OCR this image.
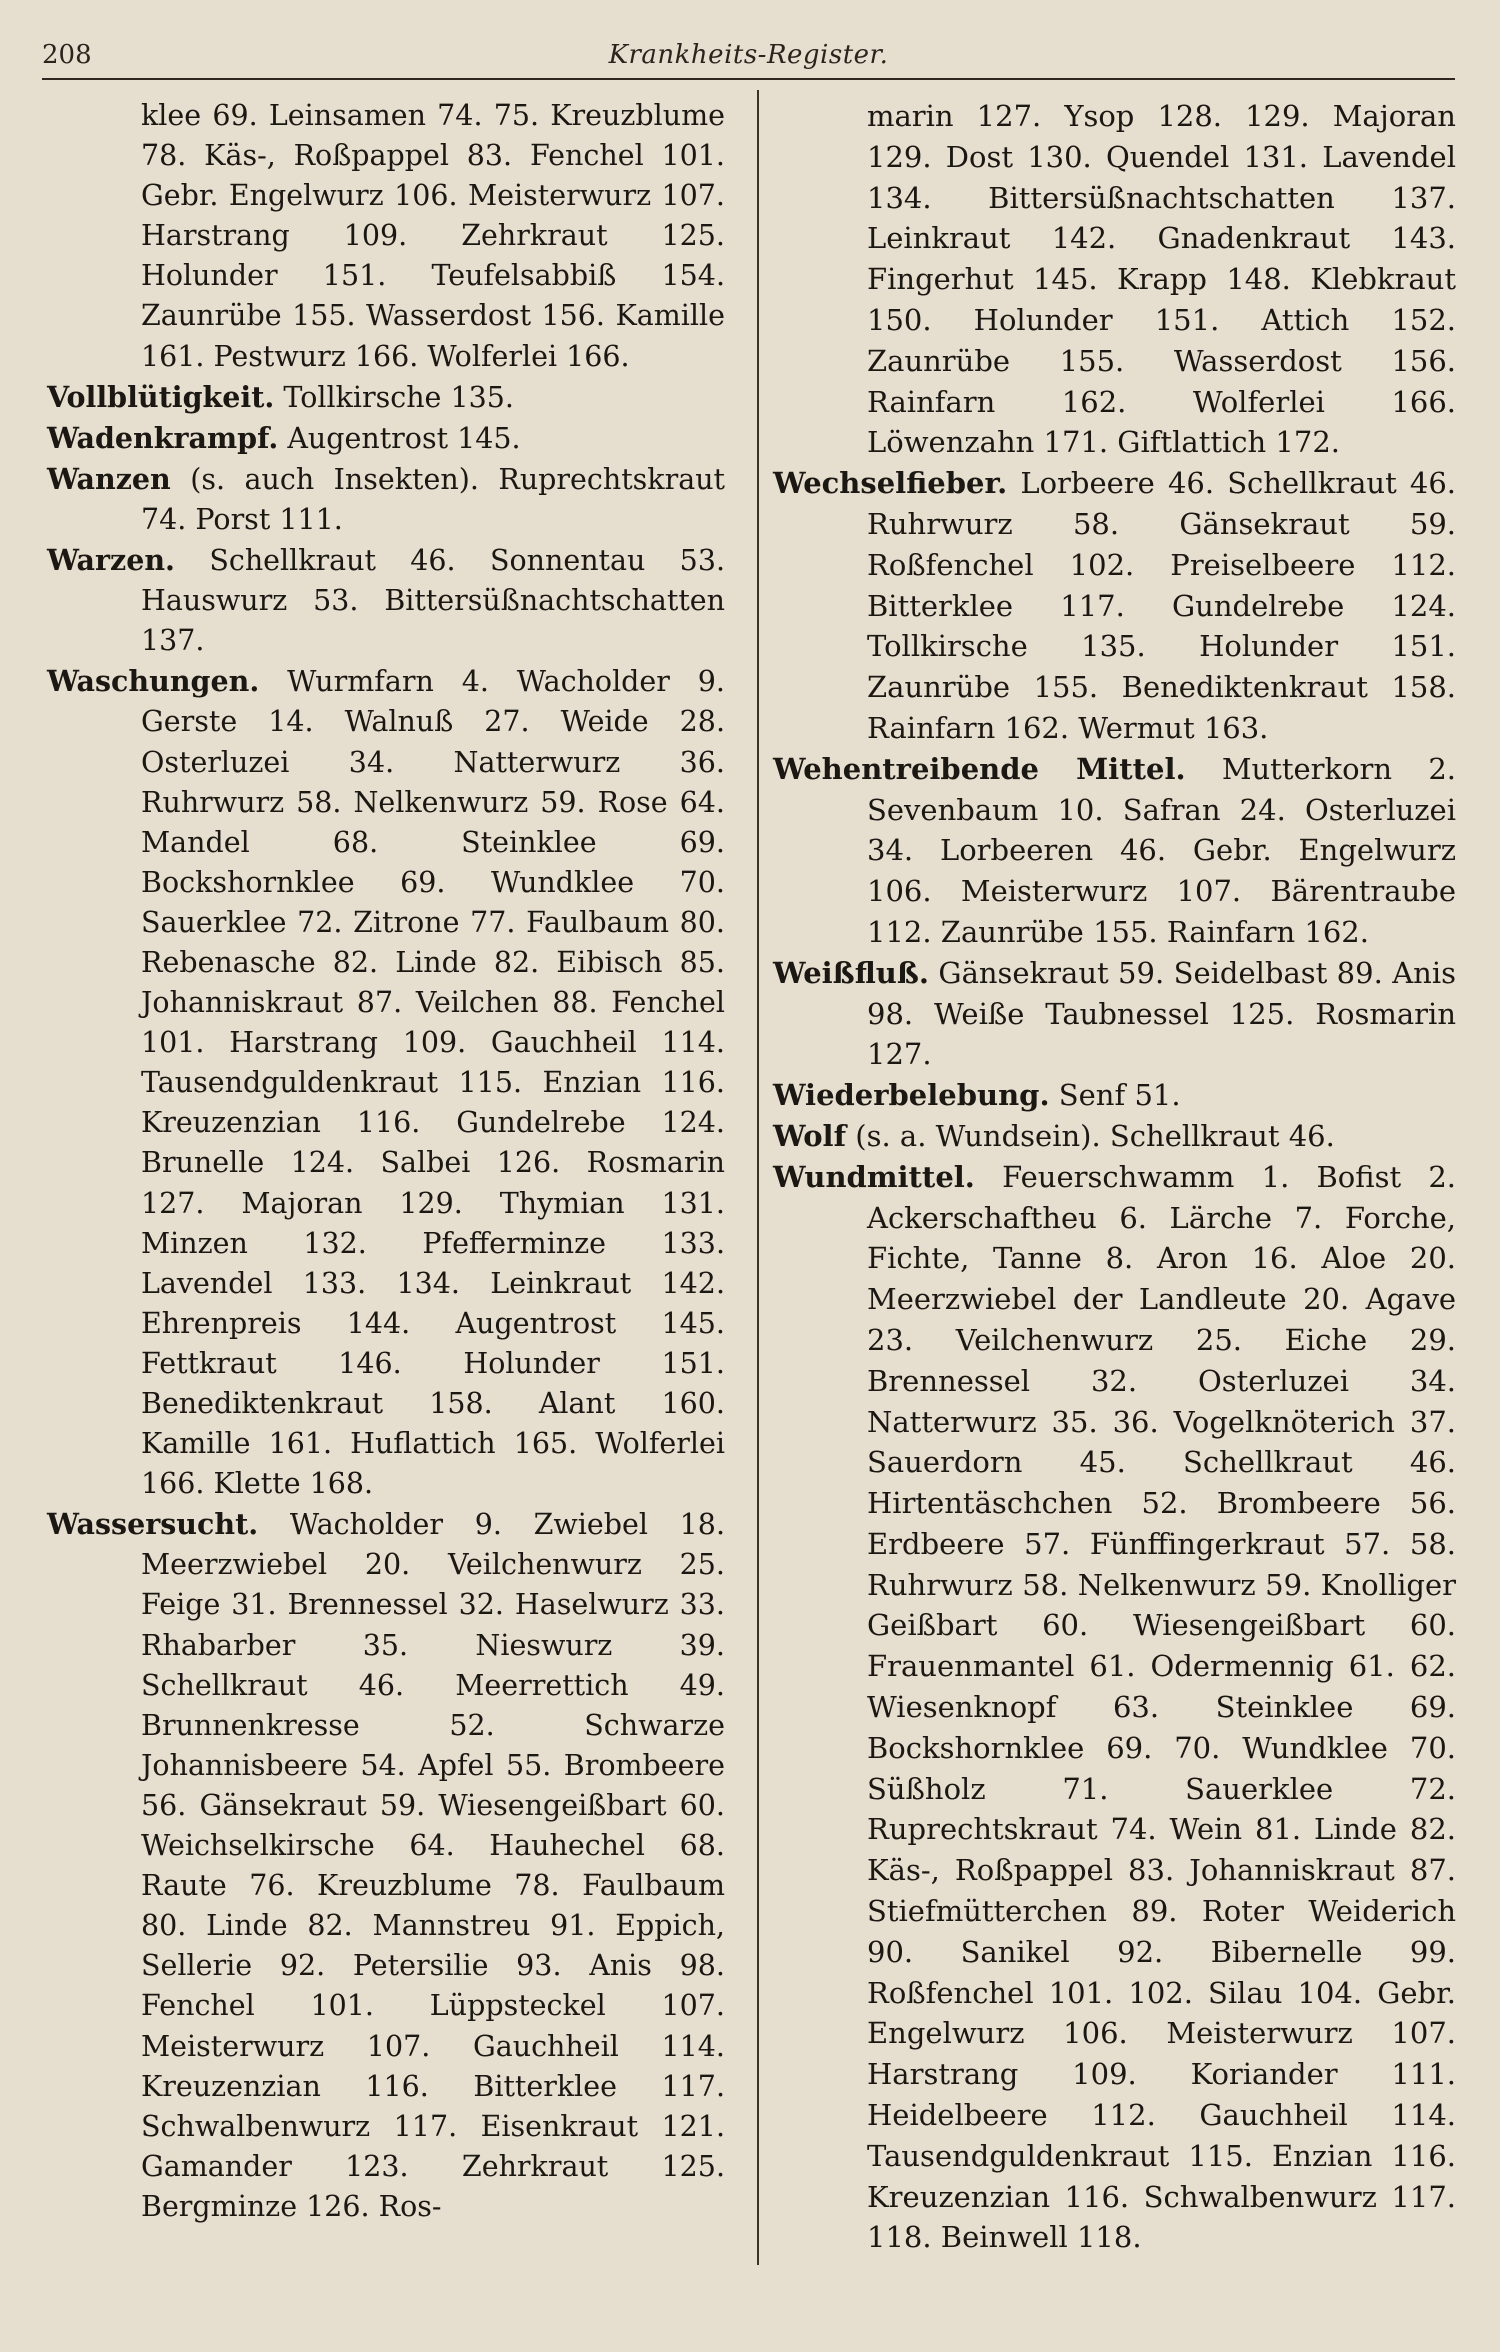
208	Krankheits-Register.

klee 69. Leinsamen 74. 75. Kreuzblume 78. Käs-, Roßpappel 83. Fenchel 101. Gebr. Engelwurz 106. Meisterwurz 107. Harstrang 109. Zehrkraut 125. Holunder 151. Teufelsabbiß 154. Zaunrübe 155. Wasserdost 156. Kamille 161. Pestwurz 166. Wolferlei 166.

Vollblütigkeit. Tollkirsche 135.

Wadenkrampf. Augentrost 145.

Wanzen (s. auch Insekten). Ruprechtskraut 74. Porst 111.

Warzen. Schellkraut 46. Sonnentau 53. Hauswurz 53. Bittersüßnachtschatten 137.

Waschungen. Wurmfarn 4. Wacholder 9. Gerste 14. Walnuß 27. Weide 28. Osterluzei 34. Natterwurz 36. Ruhrwurz 58. Nelkenwurz 59. Rose 64. Mandel 68. Steinklee 69. Bockshornklee 69. Wundklee 70. Sauerklee 72. Zitrone 77. Faulbaum 80. Rebenasche 82. Linde 82. Eibisch 85. Johanniskraut 87. Veilchen 88. Fenchel 101. Harstrang 109. Gauchheil 114. Tausendguldenkraut 115. Enzian 116. Kreuzenzian 116. Gundelrebe 124. Brunelle 124. Salbei 126. Rosmarin 127. Majoran 129. Thymian 131. Minzen 132. Pfefferminze 133. Lavendel 133. 134. Leinkraut 142. Ehrenpreis 144. Augentrost 145. Fettkraut 146. Holunder 151. Benediktenkraut 158. Alant 160. Kamille 161. Huflattich 165. Wolferlei 166. Klette 168.

Wassersucht. Wacholder 9. Zwiebel 18. Meerzwiebel 20. Veilchenwurz 25. Feige 31. Brennessel 32. Haselwurz 33. Rhabarber 35. Nieswurz 39. Schellkraut 46. Meerrettich 49. Brunnenkresse 52. Schwarze Johannisbeere 54. Apfel 55. Brombeere 56. Gänsekraut 59. Wiesengeißbart 60. Weichselkirsche 64. Hauhechel 68. Raute 76. Kreuzblume 78. Faulbaum 80. Linde 82. Mannstreu 91. Eppich, Sellerie 92. Petersilie 93. Anis 98. Fenchel 101. Lüppsteckel 107. Meisterwurz 107. Gauchheil 114. Kreuzenzian 116. Bitterklee 117. Schwalbenwurz 117. Eisenkraut 121. Gamander 123. Zehrkraut 125. Bergminze 126. Ros-

marin 127. Ysop 128. 129. Majoran 129. Dost 130. Quendel 131. Lavendel 134. Bittersüßnachtschatten 137. Leinkraut 142. Gnadenkraut 143. Fingerhut 145. Krapp 148. Klebkraut 150. Holunder 151. Attich 152. Zaunrübe 155. Wasserdost 156. Rainfarn 162. Wolferlei 166. Löwenzahn 171. Giftlattich 172.

Wechselfieber. Lorbeere 46. Schellkraut 46. Ruhrwurz 58. Gänsekraut 59. Roßfenchel 102. Preiselbeere 112. Bitterklee 117. Gundelrebe 124. Tollkirsche 135. Holunder 151. Zaunrübe 155. Benediktenkraut 158. Rainfarn 162. Wermut 163.

Wehentreibende Mittel. Mutterkorn 2. Sevenbaum 10. Safran 24. Osterluzei 34. Lorbeeren 46. Gebr. Engelwurz 106. Meisterwurz 107. Bärentraube 112. Zaunrübe 155. Rainfarn 162.

Weißfluß. Gänsekraut 59. Seidelbast 89. Anis 98. Weiße Taubnessel 125. Rosmarin 127.

Wiederbelebung. Senf 51.

Wolf (s. a. Wundsein). Schellkraut 46.

Wundmittel. Feuerschwamm 1. Bofist 2. Ackerschaftheu 6. Lärche 7. Forche, Fichte, Tanne 8. Aron 16. Aloe 20. Meerzwiebel der Landleute 20. Agave 23. Veilchenwurz 25. Eiche 29. Brennessel 32. Osterluzei 34. Natterwurz 35. 36. Vogelknöterich 37. Sauerdorn 45. Schellkraut 46. Hirtentäschchen 52. Brombeere 56. Erdbeere 57. Fünffingerkraut 57. 58. Ruhrwurz 58. Nelkenwurz 59. Knolliger Geißbart 60. Wiesengeißbart 60. Frauenmantel 61. Odermennig 61. 62. Wiesenknopf 63. Steinklee 69. Bockshornklee 69. 70. Wundklee 70. Süßholz 71. Sauerklee 72. Ruprechtskraut 74. Wein 81. Linde 82. Käs-, Roßpappel 83. Johanniskraut 87. Stiefmütterchen 89. Roter Weiderich 90. Sanikel 92. Bibernelle 99. Roßfenchel 101. 102. Silau 104. Gebr. Engelwurz 106. Meisterwurz 107. Harstrang 109. Koriander 111. Heidelbeere 112. Gauchheil 114. Tausendguldenkraut 115. Enzian 116. Kreuzenzian 116. Schwalbenwurz 117. 118. Beinwell 118.
